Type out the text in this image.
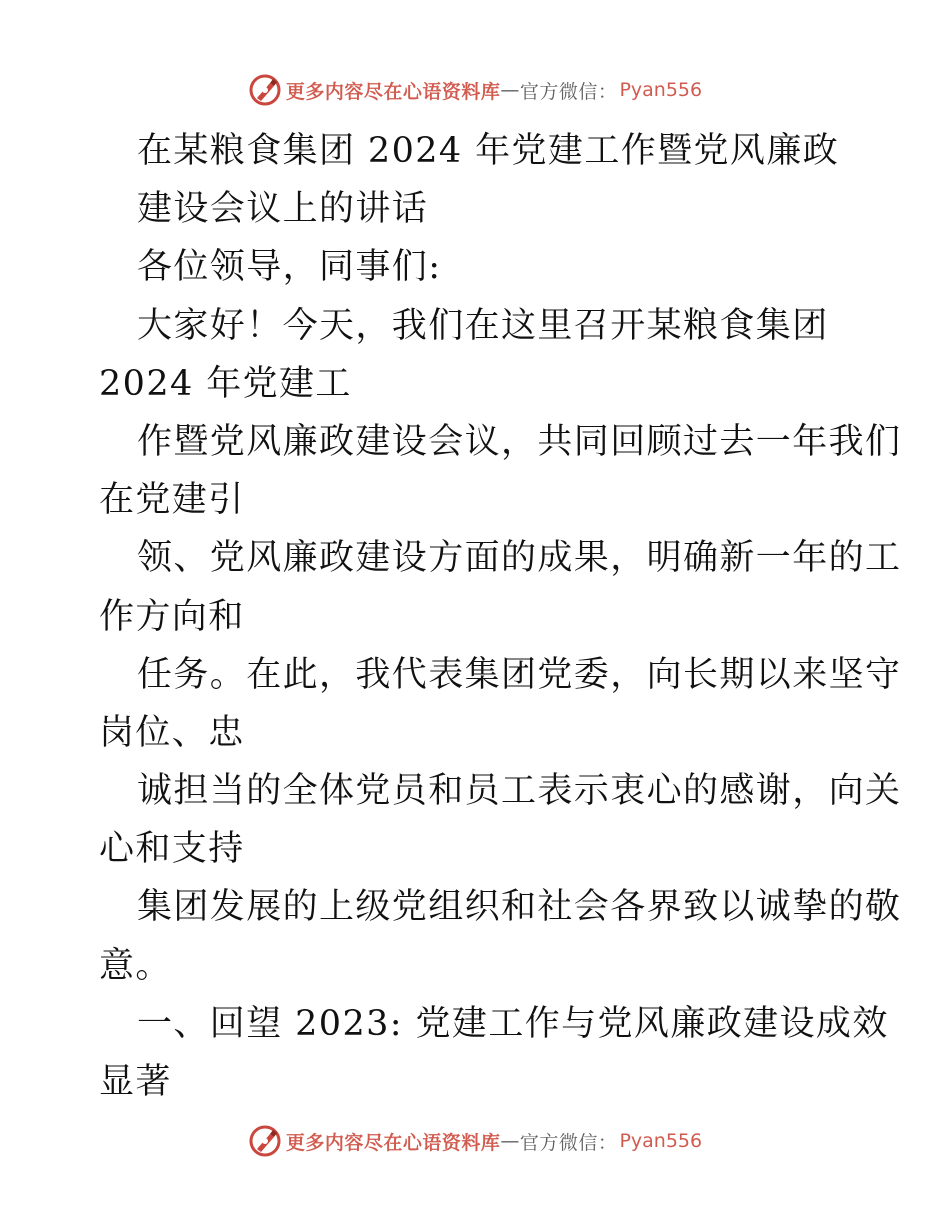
更多内容尽在心语资料库 — 官方微信： Pyan556
在某粮食集团 2024 年党建工作暨党风廉政
建设会议上的讲话
各位领导，同事们:
大家好！今天，我们在这里召开某粮食集团
2024 年党建工
作暨党风廉政建设会议，共同回顾过去一年我们
在党建引
领、党风廉政建设方面的成果，明确新一年的工
作方向和
任务。在此，我代表集团党委，向长期以来坚守
岗位、忠
诚担当的全体党员和员工表示衷心的感谢，向关
心和支持
集团发展的上级党组织和社会各界致以诚挚的敬
意。
一、回望 2023: 党建工作与党风廉政建设成效
显著
更多内容尽在心语资料库 — 官方微信： Pyan556
